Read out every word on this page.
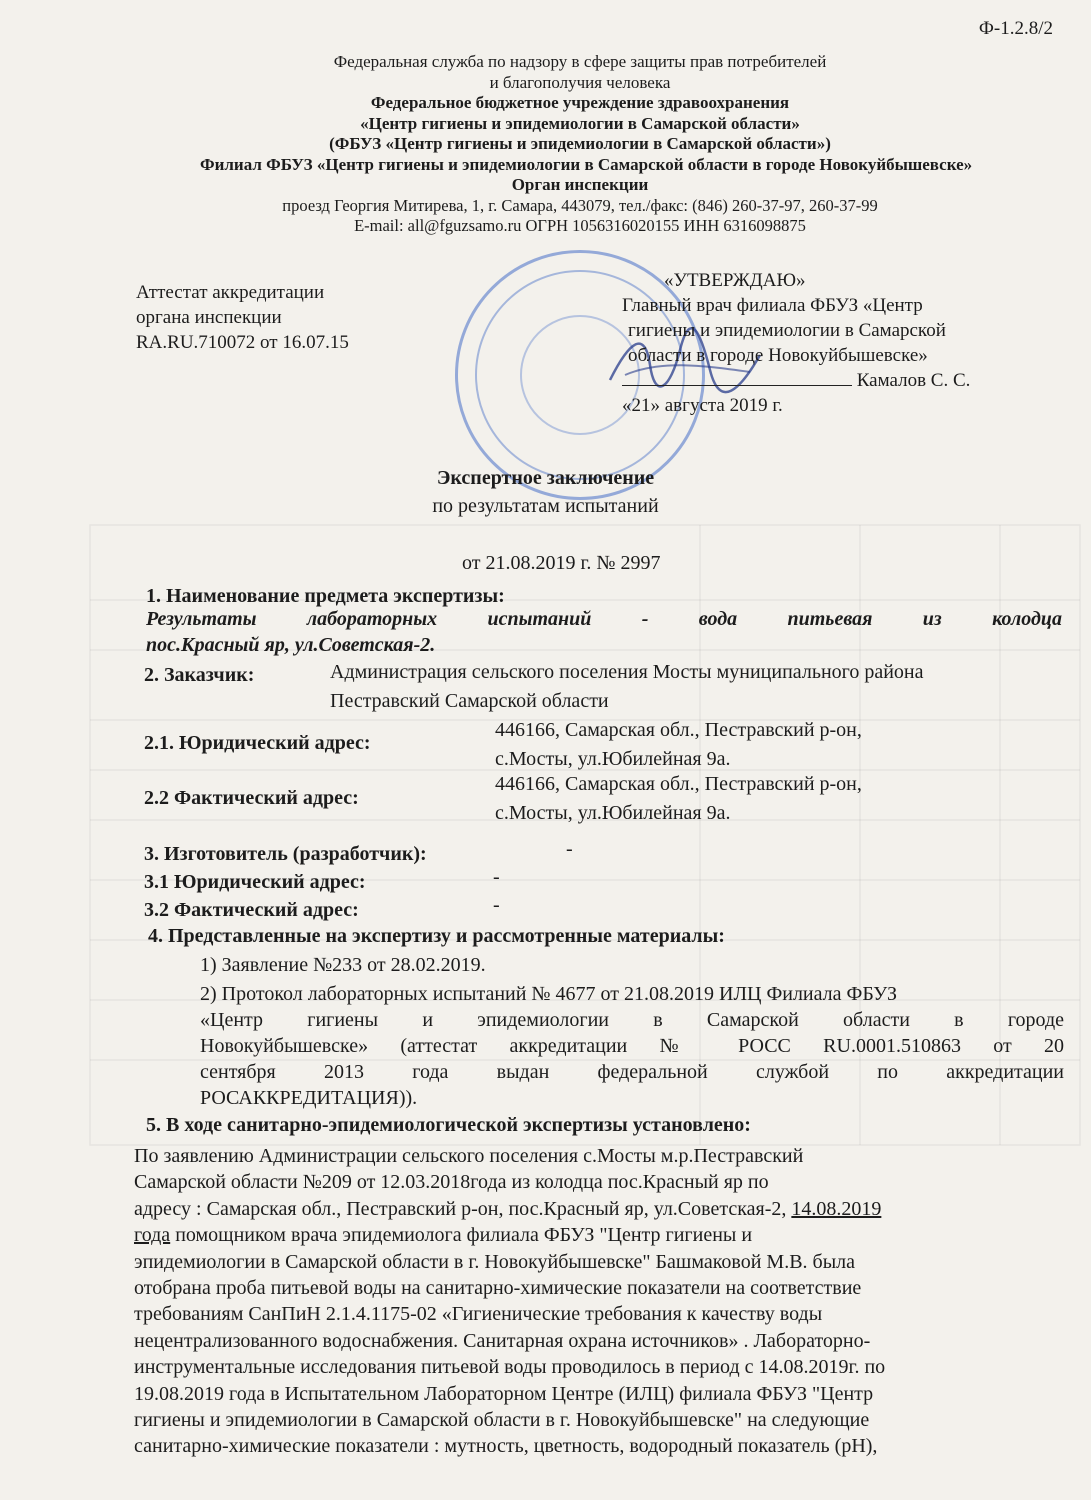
Ф-1.2.8/2
Федеральная служба по надзору в сфере защиты прав потребителей
и благополучия человека
Федеральное бюджетное учреждение здравоохранения
«Центр гигиены и эпидемиологии в Самарской области»
(ФБУЗ «Центр гигиены и эпидемиологии в Самарской области»)
Филиал ФБУЗ «Центр гигиены и эпидемиологии в Самарской области в городе Новокуйбышевске»
Орган инспекции
проезд Георгия Митирева, 1, г. Самара, 443079, тел./факс: (846) 260-37-97, 260-37-99
E-mail: all@fguzsamo.ru ОГРН 1056316020155 ИНН 6316098875
Аттестат аккредитации
органа инспекции
RA.RU.710072 от 16.07.15
«УТВЕРЖДАЮ»
Главный врач филиала ФБУЗ «Центр
гигиены и эпидемиологии в Самарской
области в городе Новокуйбышевске»
Камалов С. С.
«21» августа 2019 г.
Экспертное заключение
по результатам испытаний
от 21.08.2019 г. № 2997
1. Наименование предмета экспертизы:
Результаты	лабораторных	испытаний	-	вода	питьевая	из	колодца
пос.Красный яр, ул.Советская-2.
2. Заказчик:	Администрация сельского поселения Мосты муниципального района
Пестравский Самарской области
2.1. Юридический адрес:
446166, Самарская обл., Пестравский р-он,
с.Мосты, ул.Юбилейная 9а.
2.2 Фактический адрес:
446166, Самарская обл., Пестравский р-он,
с.Мосты, ул.Юбилейная 9а.
3. Изготовитель (разработчик):	-
3.1 Юридический адрес:	-
3.2 Фактический адрес:	-
4. Представленные на экспертизу и рассмотренные материалы:
1) Заявление №233 от 28.02.2019.
2) Протокол лабораторных испытаний № 4677 от 21.08.2019 ИЛЦ Филиала ФБУЗ
«Центр гигиены и эпидемиологии в Самарской области в городе
Новокуйбышевске» (аттестат аккредитации № РОСС RU.0001.510863 от 20
сентября 2013 года выдан федеральной службой по аккредитации
РОСАККРЕДИТАЦИЯ)).
5. В ходе санитарно-эпидемиологической экспертизы установлено:
По заявлению Администрации сельского поселения с.Мосты м.р.Пестравский
Самарской области №209 от 12.03.2018года из колодца пос.Красный яр по
адресу : Самарская обл., Пестравский р-он, пос.Красный яр, ул.Советская-2, 14.08.2019
года помощником врача эпидемиолога филиала ФБУЗ "Центр гигиены и
эпидемиологии в Самарской области в г. Новокуйбышевске" Башмаковой М.В. была
отобрана проба питьевой воды на санитарно-химические показатели на соответствие
требованиям СанПиН 2.1.4.1175-02 «Гигиенические требования к качеству воды
нецентрализованного водоснабжения. Санитарная охрана источников» . Лабораторно-
инструментальные исследования питьевой воды проводилось в период с 14.08.2019г. по
19.08.2019 года в Испытательном Лабораторном Центре (ИЛЦ) филиала ФБУЗ "Центр
гигиены и эпидемиологии в Самарской области в г. Новокуйбышевске" на следующие
санитарно-химические показатели : мутность, цветность, водородный показатель (рН),
